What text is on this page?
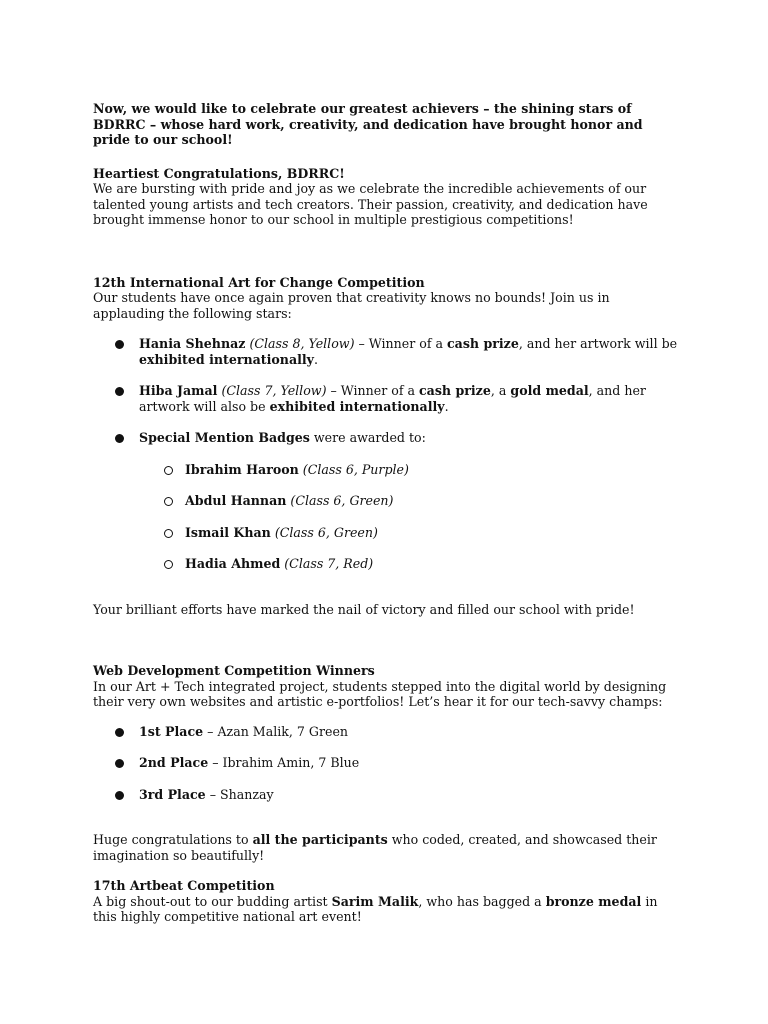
Now, we would like to celebrate our greatest achievers – the shining stars of BDRRC – whose hard work, creativity, and dedication have brought honor and pride to our school!

Heartiest Congratulations, BDRRC!

We are bursting with pride and joy as we celebrate the incredible achievements of our talented young artists and tech creators. Their passion, creativity, and dedication have brought immense honor to our school in multiple prestigious competitions!

12th International Art for Change Competition

Our students have once again proven that creativity knows no bounds! Join us in applauding the following stars:

Hania Shehnaz (Class 8, Yellow) – Winner of a cash prize, and her artwork will be exhibited internationally.
Hiba Jamal (Class 7, Yellow) – Winner of a cash prize, a gold medal, and her artwork will also be exhibited internationally.
Special Mention Badges were awarded to:
Ibrahim Haroon (Class 6, Purple)
Abdul Hannan (Class 6, Green)
Ismail Khan (Class 6, Green)
Hadia Ahmed (Class 7, Red)

Your brilliant efforts have marked the nail of victory and filled our school with pride!

Web Development Competition Winners

In our Art + Tech integrated project, students stepped into the digital world by designing their very own websites and artistic e-portfolios! Let’s hear it for our tech-savvy champs:

1st Place – Azan Malik, 7 Green
2nd Place – Ibrahim Amin, 7 Blue
3rd Place – Shanzay

Huge congratulations to all the participants who coded, created, and showcased their imagination so beautifully!

17th Artbeat Competition

A big shout-out to our budding artist Sarim Malik, who has bagged a bronze medal in this highly competitive national art event!
